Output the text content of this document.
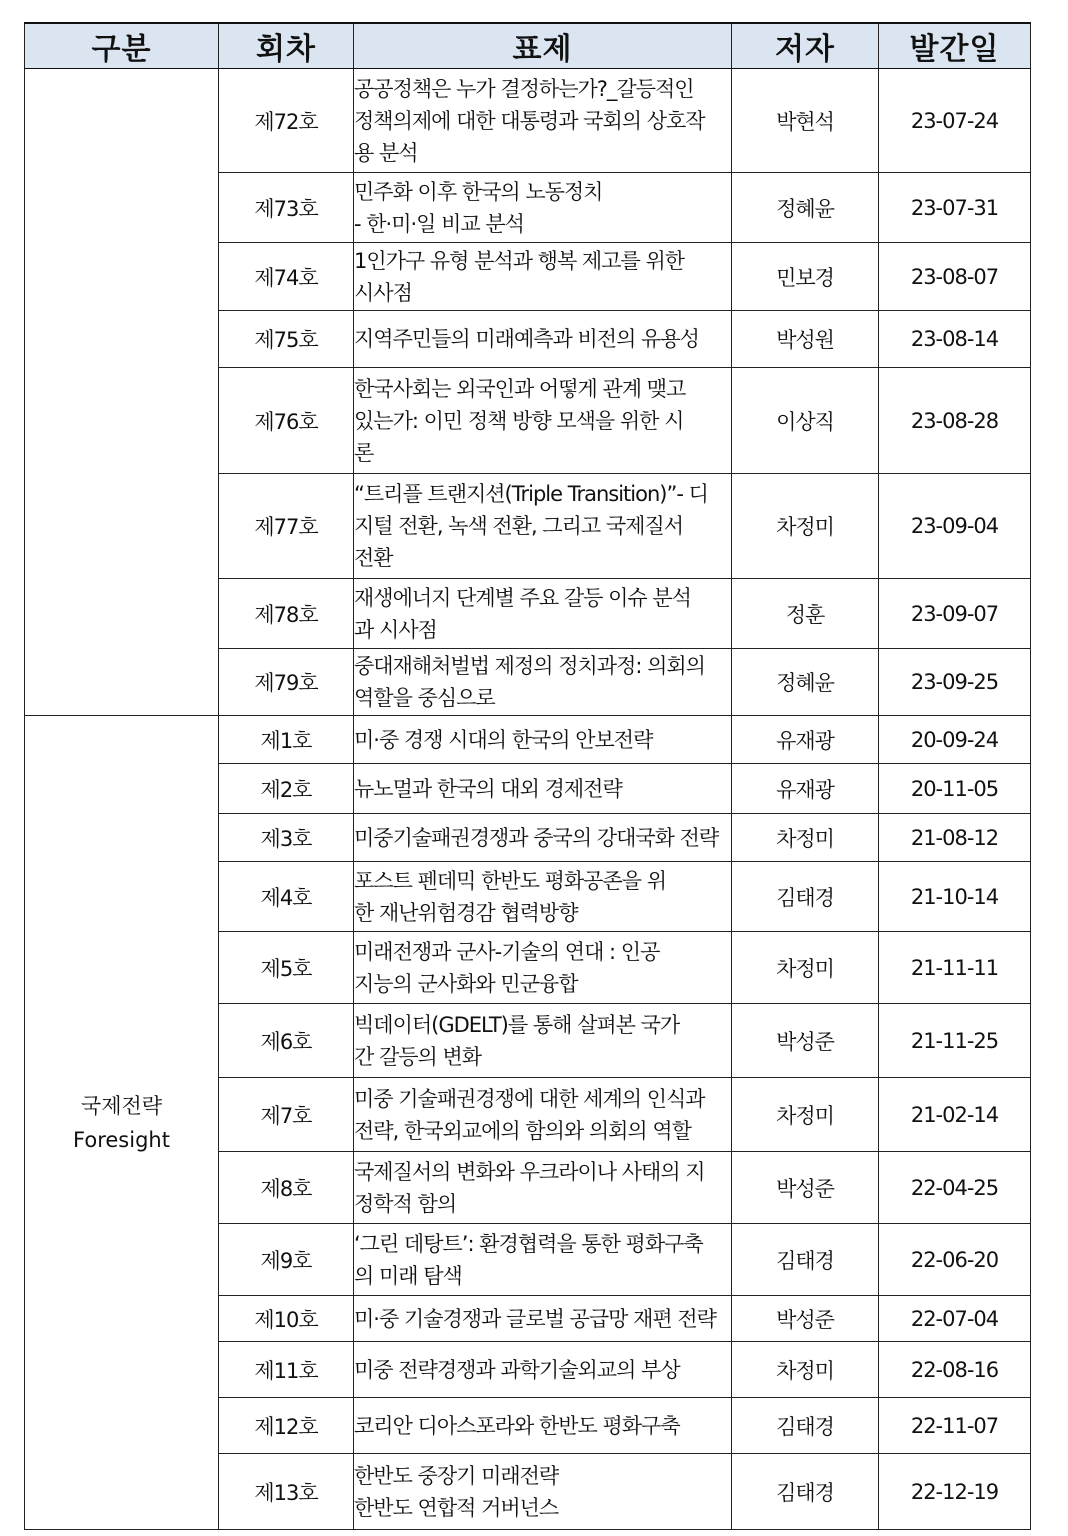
구분	회차	표제	저자	발간일
	제72호	공공정책은 누가 결정하는가?_갈등적인
정책의제에 대한 대통령과 국회의 상호작
용 분석	박현석	23-07-24
	제73호	민주화 이후 한국의 노동정치
- 한·미·일 비교 분석	정혜윤	23-07-31
	제74호	1인가구 유형 분석과 행복 제고를 위한
시사점	민보경	23-08-07
	제75호	지역주민들의 미래예측과 비전의 유용성	박성원	23-08-14
	제76호	한국사회는 외국인과 어떻게 관계 맺고
있는가: 이민 정책 방향 모색을 위한 시
론	이상직	23-08-28
	제77호	“트리플 트랜지션(Triple Transition)”- 디
지털 전환, 녹색 전환, 그리고 국제질서
전환	차정미	23-09-04
	제78호	재생에너지 단계별 주요 갈등 이슈 분석
과 시사점	정훈	23-09-07
	제79호	중대재해처벌법 제정의 정치과정: 의회의
역할을 중심으로	정혜윤	23-09-25

국제전략
Foresight	제1호	미·중 경쟁 시대의 한국의 안보전략	유재광	20-09-24
	제2호	뉴노멀과 한국의 대외 경제전략	유재광	20-11-05
	제3호	미중기술패권경쟁과 중국의 강대국화 전략	차정미	21-08-12
	제4호	포스트 펜데믹 한반도 평화공존을 위
한 재난위험경감 협력방향	김태경	21-10-14
	제5호	미래전쟁과 군사-기술의 연대 : 인공
지능의 군사화와 민군융합	차정미	21-11-11
	제6호	빅데이터(GDELT)를 통해 살펴본 국가
간 갈등의 변화	박성준	21-11-25
	제7호	미중 기술패권경쟁에 대한 세계의 인식과
전략, 한국외교에의 함의와 의회의 역할	차정미	21-02-14
	제8호	국제질서의 변화와 우크라이나 사태의 지
정학적 함의	박성준	22-04-25
	제9호	‘그린 데탕트’: 환경협력을 통한 평화구축
의 미래 탐색	김태경	22-06-20
	제10호	미·중 기술경쟁과 글로벌 공급망 재편 전략	박성준	22-07-04
	제11호	미중 전략경쟁과 과학기술외교의 부상	차정미	22-08-16
	제12호	코리안 디아스포라와 한반도 평화구축	김태경	22-11-07
	제13호	한반도 중장기 미래전략
한반도 연합적 거버넌스	김태경	22-12-19
